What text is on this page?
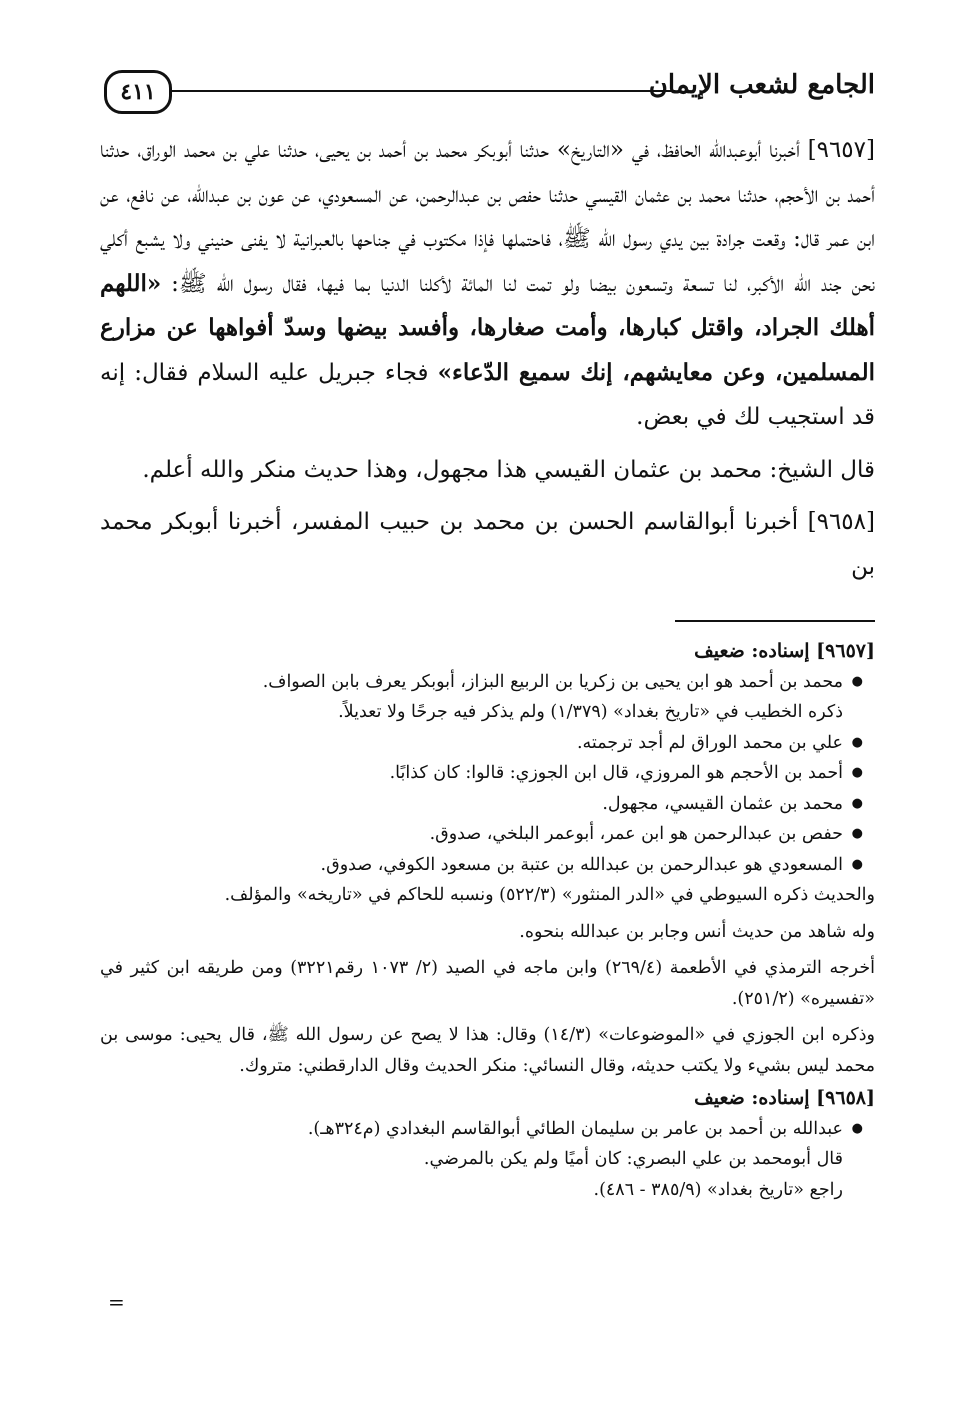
٤١١	الجامع لشعب الإيمان

[٩٦٥٧] أخبرنا أبوعبدالله الحافظ، في «التاريخ» حدثنا أبوبكر محمد بن أحمد بن يحيى، حدثنا علي بن محمد الوراق، حدثنا أحمد بن الأحجم، حدثنا محمد بن عثمان القيسي حدثنا حفص بن عبدالرحمن، عن المسعودي، عن عون بن عبدالله، عن نافع، عن ابن عمر قال: وقعت جرادة بين يدي رسول الله ﷺ، فاحتملها فإذا مكتوب في جناحها بالعبرانية لا يفنى حنيني ولا يشبع أكلي نحن جند الله الأكبر، لنا تسعة وتسعون بيضا ولو تمت لنا المائة لأكلنا الدنيا بما فيها، فقال رسول الله ﷺ: «اللهم أهلك الجراد، واقتل كبارها، وأمت صغارها، وأفسد بيضها وسدّ أفواهها عن مزارع المسلمين، وعن معايشهم، إنك سميع الدّعاء» فجاء جبريل عليه السلام فقال: إنه قد استجيب لك في بعض.

قال الشيخ: محمد بن عثمان القيسي هذا مجهول، وهذا حديث منكر والله أعلم.

[٩٦٥٨] أخبرنا أبوالقاسم الحسن بن محمد بن حبيب المفسر، أخبرنا أبوبكر محمد بن

[٩٦٥٧] إسناده: ضعيف

● محمد بن أحمد هو ابن يحيى بن زكريا بن الربيع البزاز، أبوبكر يعرف بابن الصواف.
ذكره الخطيب في «تاريخ بغداد» (١/٣٧٩) ولم يذكر فيه جرحًا ولا تعديلاً.
● علي بن محمد الوراق لم أجد ترجمته.
● أحمد بن الأحجم هو المروزي، قال ابن الجوزي: قالوا: كان كذابًا.
● محمد بن عثمان القيسي، مجهول.
● حفص بن عبدالرحمن هو ابن عمر، أبوعمر البلخي، صدوق.
● المسعودي هو عبدالرحمن بن عبدالله بن عتبة بن مسعود الكوفي، صدوق.

والحديث ذكره السيوطي في «الدر المنثور» (٥٢٢/٣) ونسبه للحاكم في «تاريخه» والمؤلف.

وله شاهد من حديث أنس وجابر بن عبدالله بنحوه.

أخرجه الترمذي في الأطعمة (٢٦٩/٤) وابن ماجه في الصيد (٢/ ١٠٧٣ رقم٣٢٢١) ومن طريقه ابن كثير في «تفسيره» (٢٥١/٢).

وذكره ابن الجوزي في «الموضوعات» (١٤/٣) وقال: هذا لا يصح عن رسول الله ﷺ، قال يحيى: موسى بن محمد ليس بشيء ولا يكتب حديثه، وقال النسائي: منكر الحديث وقال الدارقطني: متروك.

[٩٦٥٨] إسناده: ضعيف

● عبدالله بن أحمد بن عامر بن سليمان الطائي أبوالقاسم البغدادي (م٣٢٤هـ).
قال أبومحمد بن علي البصري: كان أميًا ولم يكن بالمرضي.
راجع «تاريخ بغداد» (٣٨٥/٩ - ٤٨٦).
=
